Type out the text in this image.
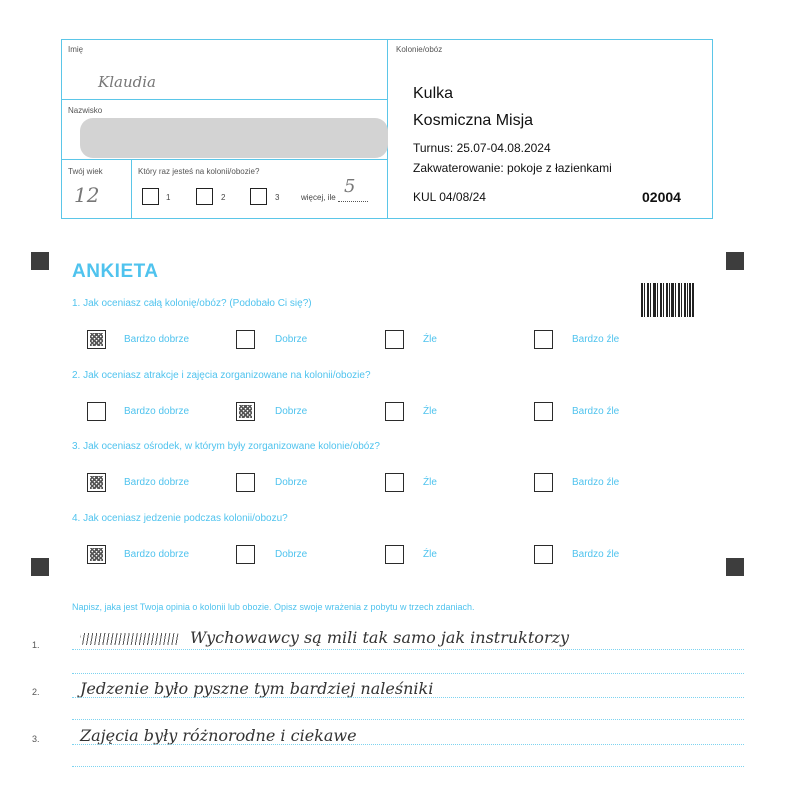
Imię
Klaudia
Nazwisko
Twój wiek
12
Który raz jesteś na kolonii/obozie?
1	2	3	więcej, ile
5
Kolonie/obóz
Kulka
Kosmiczna Misja
Turnus: 25.07-04.08.2024
Zakwaterowanie: pokoje z łazienkami
KUL 04/08/24	02004
ANKIETA
1. Jak oceniasz całą kolonię/obóz? (Podobało Ci się?)
Bardzo dobrze	Dobrze	Źle	Bardzo źle
2. Jak oceniasz atrakcje i zajęcia zorganizowane na kolonii/obozie?
Bardzo dobrze	Dobrze	Źle	Bardzo źle
3. Jak oceniasz ośrodek, w którym były zorganizowane kolonie/obóz?
Bardzo dobrze	Dobrze	Źle	Bardzo źle
4. Jak oceniasz jedzenie podczas kolonii/obozu?
Bardzo dobrze	Dobrze	Źle	Bardzo źle
Napisz, jaka jest Twoja opinia o kolonii lub obozie. Opisz swoje wrażenia z pobytu w trzech zdaniach.
1.	Wychowawcy są mili tak samo jak instruktorzy
2.	Jedzenie było pyszne tym bardziej naleśniki
3.	Zajęcia były różnorodne i ciekawe
